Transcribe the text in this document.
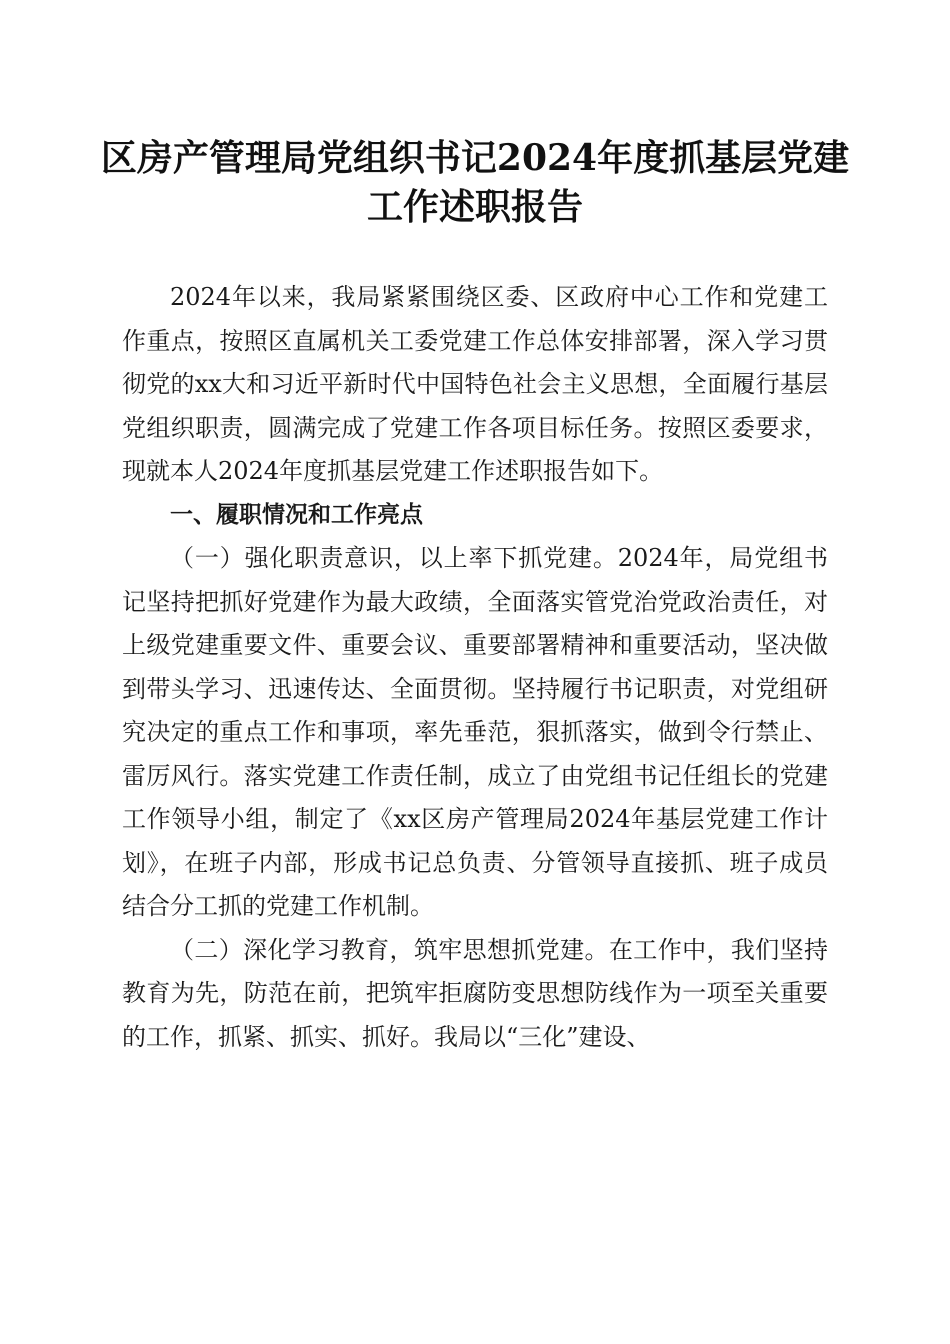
区房产管理局党组织书记2024年度抓基层党建工作述职报告

2024年以来，我局紧紧围绕区委、区政府中心工作和党建工作重点，按照区直属机关工委党建工作总体安排部署，深入学习贯彻党的xx大和习近平新时代中国特色社会主义思想，全面履行基层党组织职责，圆满完成了党建工作各项目标任务。按照区委要求，现就本人2024年度抓基层党建工作述职报告如下。

一、履职情况和工作亮点

（一）强化职责意识，以上率下抓党建。2024年，局党组书记坚持把抓好党建作为最大政绩，全面落实管党治党政治责任，对上级党建重要文件、重要会议、重要部署精神和重要活动，坚决做到带头学习、迅速传达、全面贯彻。坚持履行书记职责，对党组研究决定的重点工作和事项，率先垂范，狠抓落实，做到令行禁止、雷厉风行。落实党建工作责任制，成立了由党组书记任组长的党建工作领导小组，制定了《xx区房产管理局2024年基层党建工作计划》，在班子内部，形成书记总负责、分管领导直接抓、班子成员结合分工抓的党建工作机制。

（二）深化学习教育，筑牢思想抓党建。在工作中，我们坚持教育为先，防范在前，把筑牢拒腐防变思想防线作为一项至关重要的工作，抓紧、抓实、抓好。我局以“三化”建设、
